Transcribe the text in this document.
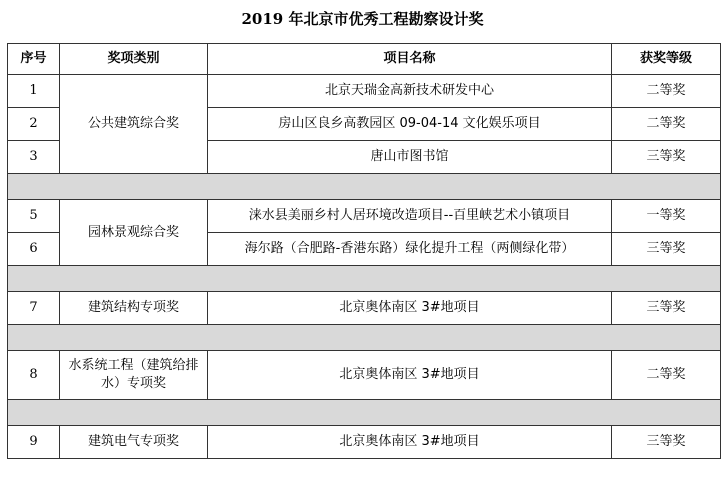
2019 年北京市优秀工程勘察设计奖
序号	奖项类别	项目名称	获奖等级
1	公共建筑综合奖	北京天瑞金高新技术研发中心	二等奖
2		房山区良乡高教园区 09-04-14 文化娱乐项目	二等奖
3		唐山市图书馆	三等奖

5	园林景观综合奖	涞水县美丽乡村人居环境改造项目--百里峡艺术小镇项目	一等奖
6		海尔路（合肥路-香港东路）绿化提升工程（两侧绿化带）	三等奖

7	建筑结构专项奖	北京奥体南区 3#地项目	三等奖

8	水系统工程（建筑给排水）专项奖	北京奥体南区 3#地项目	二等奖

9	建筑电气专项奖	北京奥体南区 3#地项目	三等奖
